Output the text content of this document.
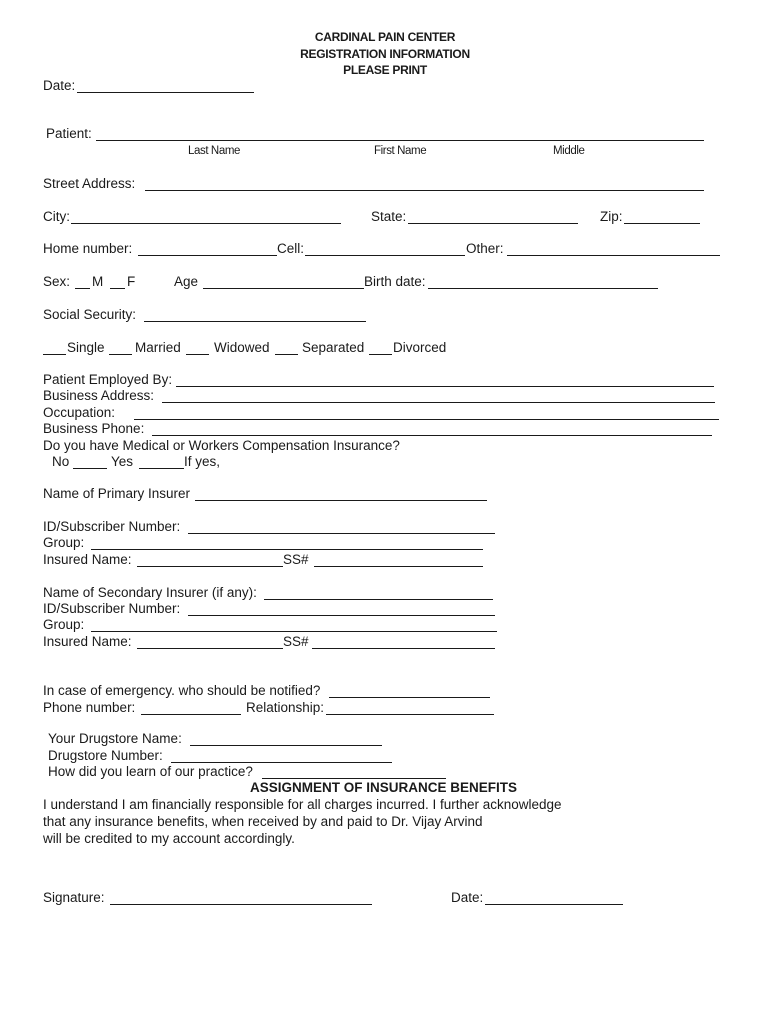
CARDINAL PAIN CENTER
REGISTRATION INFORMATION
PLEASE PRINT
Date:
Patient:
Last Name	First Name	Middle
Street Address:
City:	State:	Zip:
Home number:	Cell:	Other:
Sex: M F	Age	Birth date:
Social Security:
Single Married Widowed Separated Divorced
Patient Employed By:
Business Address:
Occupation:
Business Phone:
Do you have Medical or Workers Compensation Insurance?
No	Yes	If yes,
Name of Primary Insurer
ID/Subscriber Number:
Group:
Insured Name:	SS#
Name of Secondary Insurer (if any):
ID/Subscriber Number:
Group:
Insured Name:	SS#
In case of emergency. who should be notified?
Phone number:	Relationship:
Your Drugstore Name:
Drugstore Number:
How did you learn of our practice?
ASSIGNMENT OF INSURANCE BENEFITS
I understand I am financially responsible for all charges incurred. I further acknowledge
that any insurance benefits, when received by and paid to Dr. Vijay Arvind
will be credited to my account accordingly.
Signature:	Date:
